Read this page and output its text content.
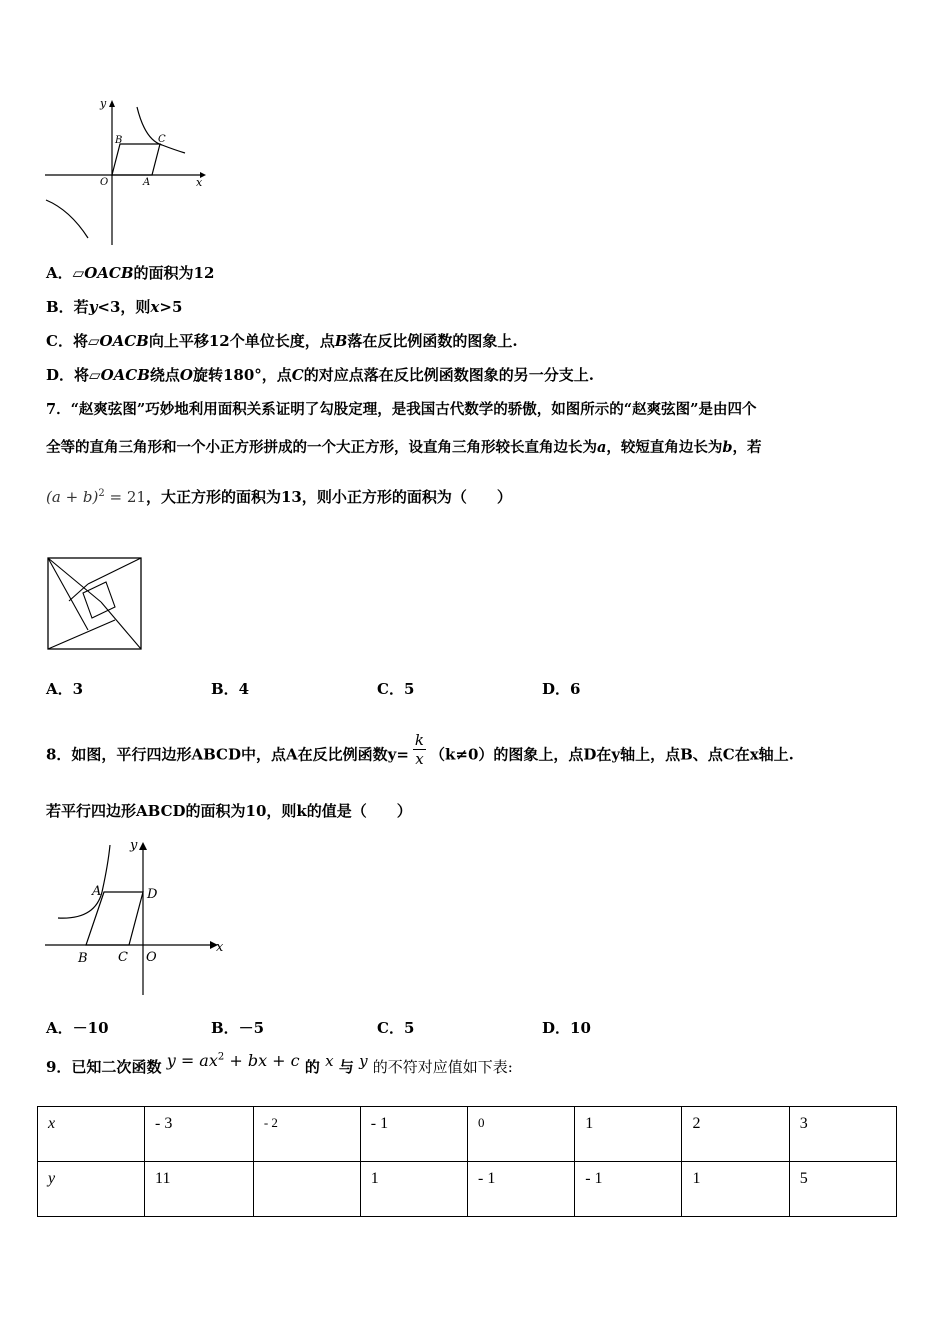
y
x
O	A
B	C
A．▱OACB的面积为12
B．若y<3，则x>5
C．将▱OACB向上平移12个单位长度，点B落在反比例函数的图象上.
D．将▱OACB绕点O旋转180°，点C的对应点落在反比例函数图象的另一分支上.
7．“赵爽弦图”巧妙地利用面积关系证明了勾股定理，是我国古代数学的骄傲，如图所示的“赵爽弦图”是由四个
全等的直角三角形和一个小正方形拼成的一个大正方形，设直角三角形较长直角边长为a，较短直角边长为b，若
$(a + b)^2 = 21$，大正方形的面积为13，则小正方形的面积为（　　）
A．3	B．4	C．5	D．6
8．如图，平行四边形ABCD中，点A在反比例函数$y= \frac{k}{x} (k\ne 0)$的图象上，点D在y轴上，点B、点C在x轴上.
若平行四边形ABCD的面积为10，则k的值是（　　）
y
x
A	D
B C O
A．－10	B．－5	C．5	D．10
9．已知二次函数 $y = ax^2$ + bx + c 的 x 与 y 的不符对应值如下表:
x	- 3	- 2	- 1	0	1	2	3
y	11		1	- 1	- 1	1	5
